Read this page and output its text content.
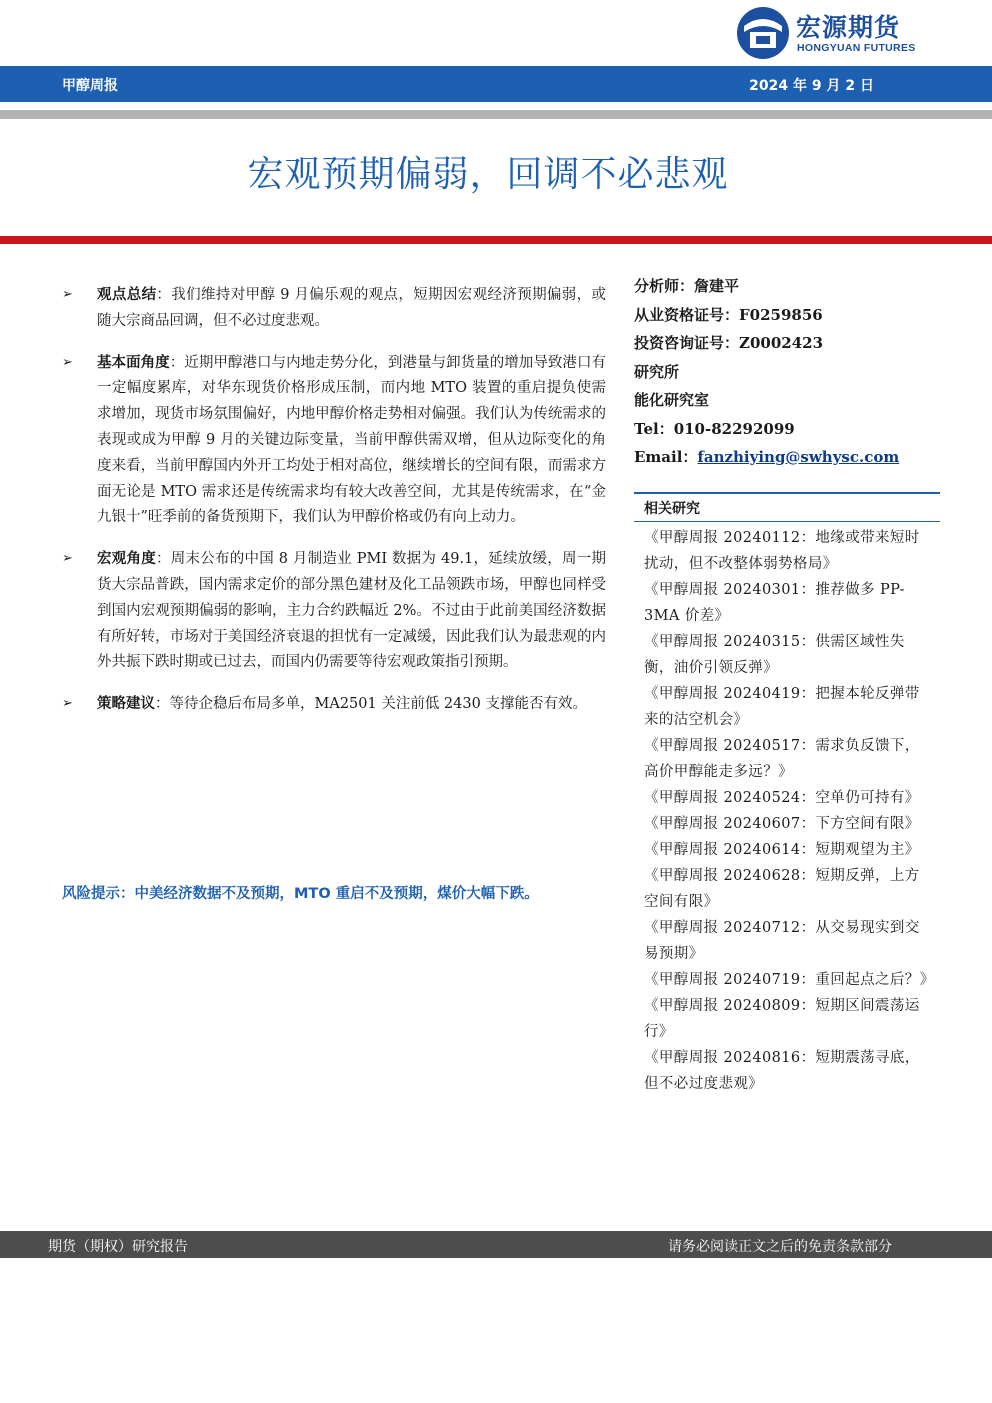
宏源期货
HONGYUAN FUTURES
甲醇周报	2024 年 9 月 2 日
宏观预期偏弱，回调不必悲观
➢ 观点总结：我们维持对甲醇 9 月偏乐观的观点，短期因宏观经济预期偏弱，或随大宗商品回调，但不必过度悲观。
➢ 基本面角度：近期甲醇港口与内地走势分化，到港量与卸货量的增加导致港口有一定幅度累库，对华东现货价格形成压制，而内地 MTO 装置的重启提负使需求增加，现货市场氛围偏好，内地甲醇价格走势相对偏强。我们认为传统需求的表现或成为甲醇 9 月的关键边际变量，当前甲醇供需双增，但从边际变化的角度来看，当前甲醇国内外开工均处于相对高位，继续增长的空间有限，而需求方面无论是 MTO 需求还是传统需求均有较大改善空间，尤其是传统需求，在“金九银十”旺季前的备货预期下，我们认为甲醇价格或仍有向上动力。
➢ 宏观角度：周末公布的中国 8 月制造业 PMI 数据为 49.1，延续放缓，周一期货大宗品普跌，国内需求定价的部分黑色建材及化工品领跌市场，甲醇也同样受到国内宏观预期偏弱的影响，主力合约跌幅近 2%。不过由于此前美国经济数据有所好转，市场对于美国经济衰退的担忧有一定减缓，因此我们认为最悲观的内外共振下跌时期或已过去，而国内仍需要等待宏观政策指引预期。
➢ 策略建议：等待企稳后布局多单，MA2501 关注前低 2430 支撑能否有效。
风险提示：中美经济数据不及预期，MTO 重启不及预期，煤价大幅下跌。
分析师：詹建平
从业资格证号：F0259856
投资咨询证号：Z0002423
研究所
能化研究室
Tel：010-82292099
Email：fanzhiying@swhysc.com
相关研究

《甲醇周报 20240112：地缘或带来短时扰动，但不改整体弱势格局》

《甲醇周报 20240301：推荐做多 PP-3MA 价差》

《甲醇周报 20240315：供需区域性失衡，油价引领反弹》

《甲醇周报 20240419：把握本轮反弹带来的沽空机会》

《甲醇周报 20240517：需求负反馈下，高价甲醇能走多远？》

《甲醇周报 20240524：空单仍可持有》

《甲醇周报 20240607：下方空间有限》

《甲醇周报 20240614：短期观望为主》

《甲醇周报 20240628：短期反弹，上方空间有限》

《甲醇周报 20240712：从交易现实到交易预期》

《甲醇周报 20240719：重回起点之后？》

《甲醇周报 20240809：短期区间震荡运行》

《甲醇周报 20240816：短期震荡寻底，但不必过度悲观》

期货（期权）研究报告	请务必阅读正文之后的免责条款部分
